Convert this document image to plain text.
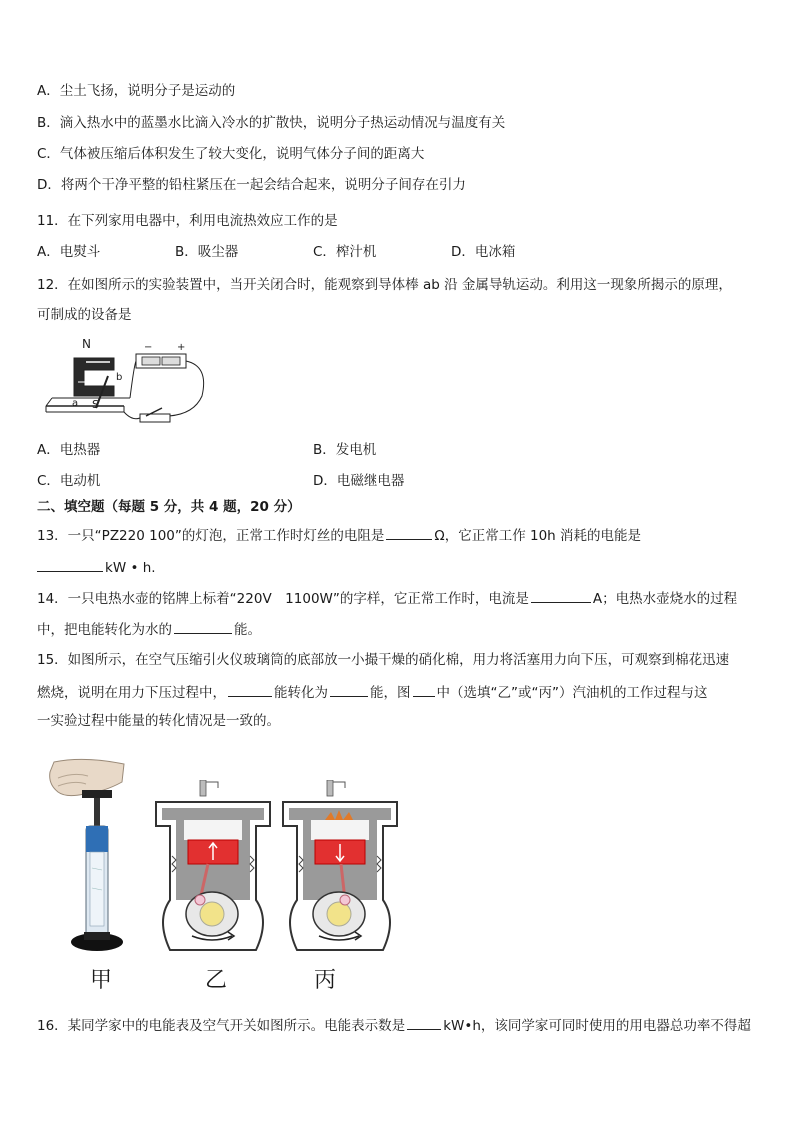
A．尘土飞扬，说明分子是运动的
B．滴入热水中的蓝墨水比滴入冷水的扩散快，说明分子热运动情况与温度有关
C．气体被压缩后体积发生了较大变化，说明气体分子间的距离大
D．将两个干净平整的铅柱紧压在一起会结合起来，说明分子间存在引力
11．在下列家用电器中，利用电流热效应工作的是
A．电熨斗	B．吸尘器	C．榨汁机	D．电冰箱
12．在如图所示的实验装置中，当开关闭合时，能观察到导体棒 ab 沿 金属导轨运动。利用这一现象所揭示的原理，
可制成的设备是
N
S
a
b
− +
A．电热器	B．发电机
C．电动机	D．电磁继电器
二、填空题（每题 5 分，共 4 题，20 分）
13．一只“PZ220 100”的灯泡，正常工作时灯丝的电阻是	Ω，它正常工作 10h 消耗的电能是
kW • h.
14．一只电热水壶的铭牌上标着“220V　1100W”的字样，它正常工作时，电流是	A；电热水壶烧水的过程
中，把电能转化为水的	能。
15．如图所示，在空气压缩引火仪玻璃筒的底部放一小撮干燥的硝化棉，用力将活塞用力向下压，可观察到棉花迅速
燃烧，说明在用力下压过程中，	能转化为	能，图 中（选填“乙”或“丙”）汽油机的工作过程与这
一实验过程中能量的转化情况是一致的。
甲	乙	丙
16．某同学家中的电能表及空气开关如图所示。电能表示数是	kW•h，该同学家可同时使用的用电器总功率不得超
